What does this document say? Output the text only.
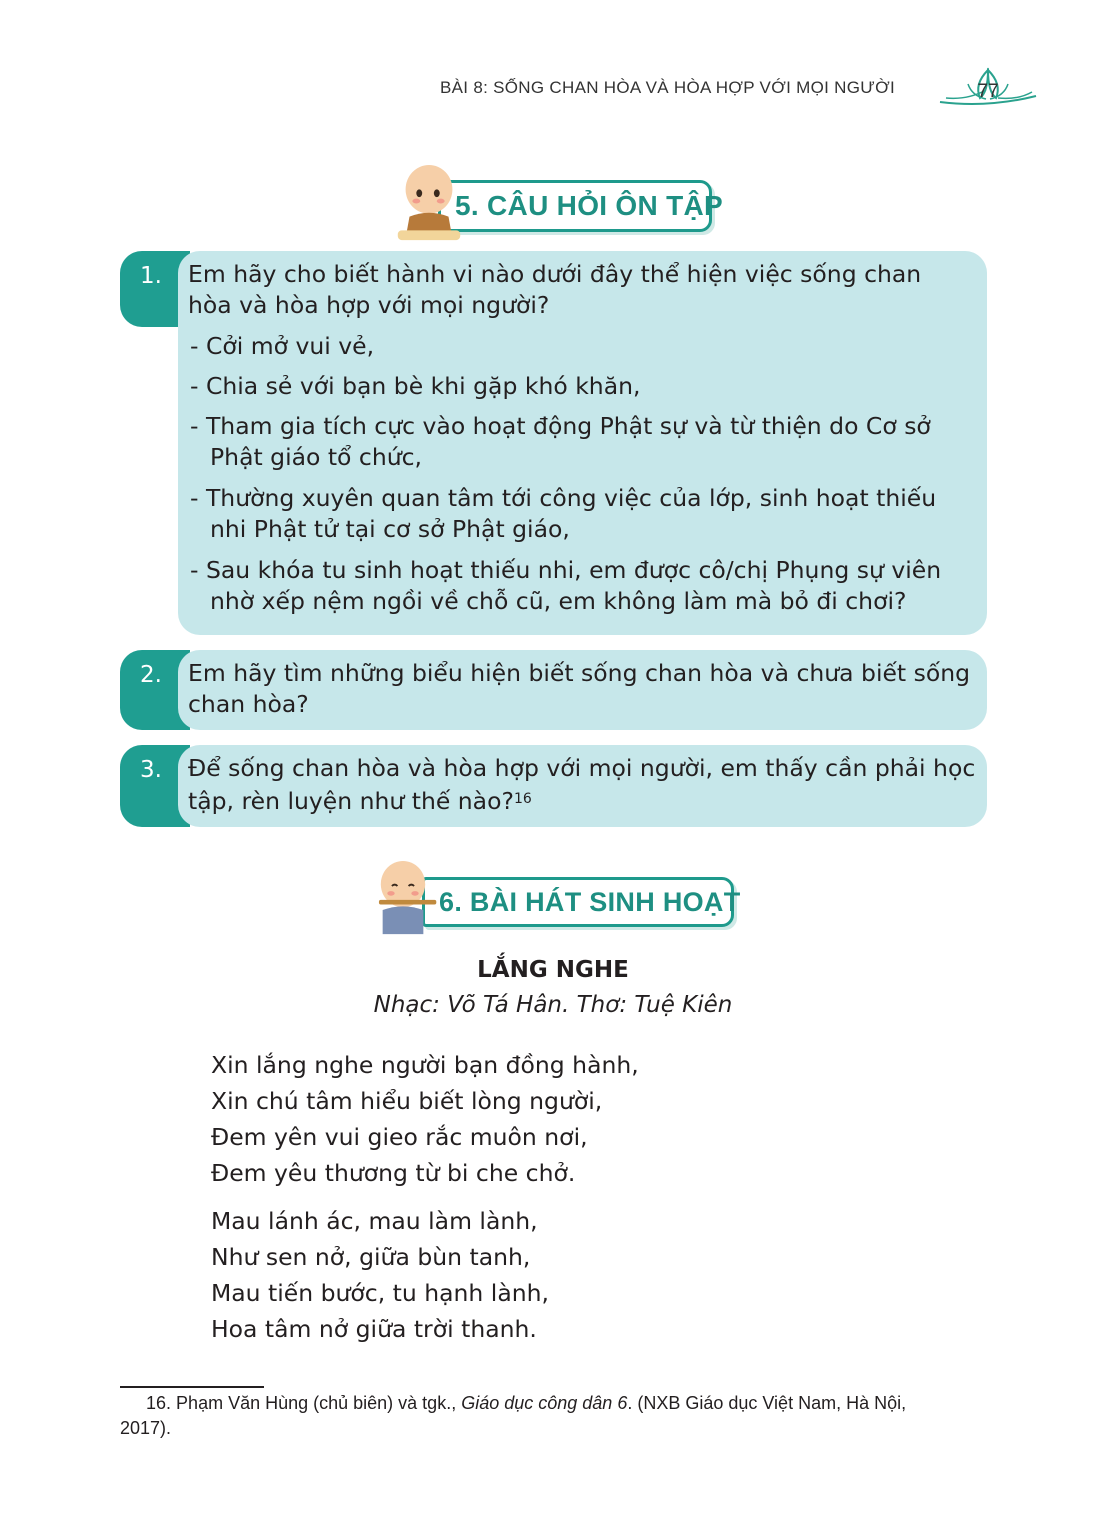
BÀI 8: SỐNG CHAN HÒA VÀ HÒA HỢP VỚI MỌI NGƯỜI	77
5. CÂU HỎI ÔN TẬP
1.	Em hãy cho biết hành vi nào dưới đây thể hiện việc sống chan
hòa và hòa hợp với mọi người?
- Cởi mở vui vẻ,
- Chia sẻ với bạn bè khi gặp khó khăn,
- Tham gia tích cực vào hoạt động Phật sự và từ thiện do Cơ sở
Phật giáo tổ chức,
- Thường xuyên quan tâm tới công việc của lớp, sinh hoạt thiếu
nhi Phật tử tại cơ sở Phật giáo,
- Sau khóa tu sinh hoạt thiếu nhi, em được cô/chị Phụng sự viên
nhờ xếp nệm ngồi về chỗ cũ, em không làm mà bỏ đi chơi?
2.	Em hãy tìm những biểu hiện biết sống chan hòa và chưa biết sống
chan hòa?
3.	Để sống chan hòa và hòa hợp với mọi người, em thấy cần phải học
tập, rèn luyện như thế nào?$^{16}$
6. BÀI HÁT SINH HOẠT
LẮNG NGHE
Nhạc: Võ Tá Hân. Thơ: Tuệ Kiên
Xin lắng nghe người bạn đồng hành,
Xin chú tâm hiểu biết lòng người,
Đem yên vui gieo rắc muôn nơi,
Đem yêu thương từ bi che chở.
Mau lánh ác, mau làm lành,
Như sen nở, giữa bùn tanh,
Mau tiến bước, tu hạnh lành,
Hoa tâm nở giữa trời thanh.
16. Phạm Văn Hùng (chủ biên) và tgk., Giáo dục công dân 6. (NXB Giáo dục Việt Nam, Hà Nội,
2017).
